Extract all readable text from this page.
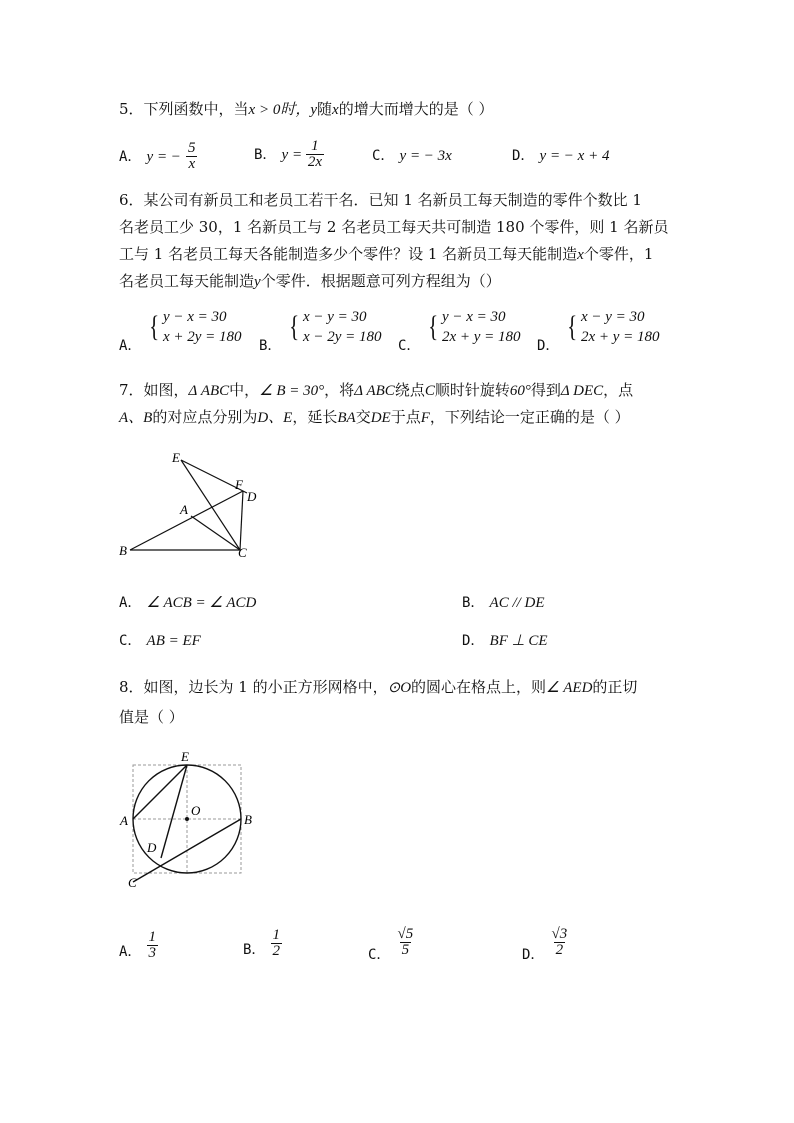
5．下列函数中，当x > 0时，y随x的增大而增大的是（ ）
A． y = − $\frac{5}{x}$	B． $y = \frac{1}{2x}$	C． y = − 3x	D． y = − x + 4
6．某公司有新员工和老员工若干名．已知 1 名新员工每天制造的零件个数比 1
名老员工少 30，1 名新员工与 2 名老员工每天共可制造 180 个零件，则 1 名新员
工与 1 名老员工每天各能制造多少个零件？设 1 名新员工每天能制造x个零件，1
名老员工每天能制造y个零件．根据题意可列方程组为（）
A．
{ y − x = 30
x + 2y = 180
B．
{ x − y = 30
x − 2y = 180
C．
{ y − x = 30
2x + y = 180
D．
{ x − y = 30
2x + y = 180
7．如图，Δ ABC中，∠ B = 30°，将Δ ABC绕点C顺时针旋转60°得到Δ DEC，点
A、B的对应点分别为D、E，延长BA交DE于点F，下列结论一定正确的是（ ）
E
F
D
A
B	C
A． ∠ ACB = ∠ ACD	B． AC // DE
C． AB = EF	D． BF ⊥ CE
8．如图，边长为 1 的小正方形网格中，⊙O的圆心在格点上，则∠ AED的正切
值是（ ）
E
O
A	B
D
C
A． $\frac{1}{3}$	B． $\frac{1}{2}$	C． $\frac{√5}{5}$	D． $\frac{√3}{2}$
